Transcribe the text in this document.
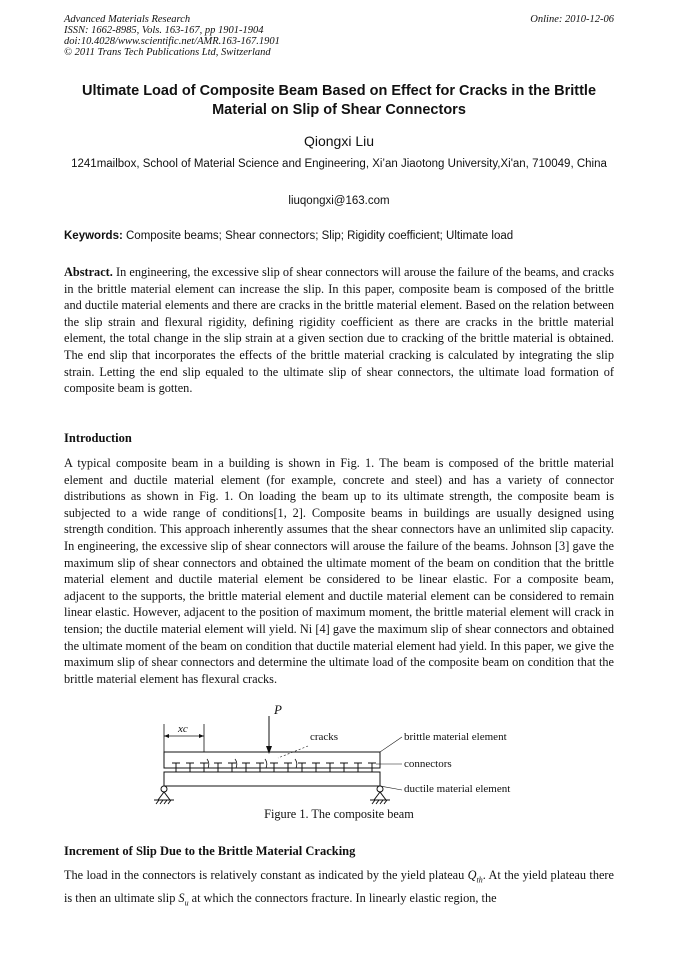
Advanced Materials Research
ISSN: 1662-8985, Vols. 163-167, pp 1901-1904
doi:10.4028/www.scientific.net/AMR.163-167.1901
© 2011 Trans Tech Publications Ltd, Switzerland
Online: 2010-12-06
Ultimate Load of Composite Beam Based on Effect for Cracks in the Brittle Material on Slip of Shear Connectors
Qiongxi Liu
1241mailbox, School of Material Science and Engineering, Xi’an Jiaotong University,Xi'an, 710049, China
liuqongxi@163.com
Keywords: Composite beams; Shear connectors; Slip; Rigidity coefficient; Ultimate load
Abstract. In engineering, the excessive slip of shear connectors will arouse the failure of the beams, and cracks in the brittle material element can increase the slip. In this paper, composite beam is composed of the brittle and ductile material elements and there are cracks in the brittle material element. Based on the relation between the slip strain and flexural rigidity, defining rigidity coefficient as there are cracks in the brittle material element, the total change in the slip strain at a given section due to cracking of the brittle material is obtained. The end slip that incorporates the effects of the brittle material cracking is calculated by integrating the slip strain. Letting the end slip equaled to the ultimate slip of shear connectors, the ultimate load formation of composite beam is gotten.
Introduction
A typical composite beam in a building is shown in Fig. 1. The beam is composed of the brittle material element and ductile material element (for example, concrete and steel) and has a variety of connector distributions as shown in Fig. 1. On loading the beam up to its ultimate strength, the composite beam is subjected to a wide range of conditions[1, 2]. Composite beams in buildings are usually designed using strength condition. This approach inherently assumes that the shear connectors have an unlimited slip capacity. In engineering, the excessive slip of shear connectors will arouse the failure of the beams. Johnson [3] gave the maximum slip of shear connectors and obtained the ultimate moment of the beam on condition that the brittle material element and ductile material element be considered to be linear elastic. For a composite beam, adjacent to the supports, the brittle material element and ductile material element can be considered to remain linear elastic. However, adjacent to the position of maximum moment, the brittle material element will crack in tension; the ductile material element will yield. Ni [4] gave the maximum slip of shear connectors and obtained the ultimate moment of the beam on condition that ductile material element had yield. In this paper, we give the maximum slip of shear connectors and determine the ultimate load of the composite beam on condition that the brittle material element has flexural cracks.
P
xc
cracks	brittle material element
connectors
ductile material element
Figure 1. The composite beam
Increment of Slip Due to the Brittle Material Cracking
The load in the connectors is relatively constant as indicated by the yield plateau $Q_{th}$. At the yield plateau there is then an ultimate slip $S_u$ at which the connectors fracture. In linearly elastic region, the
